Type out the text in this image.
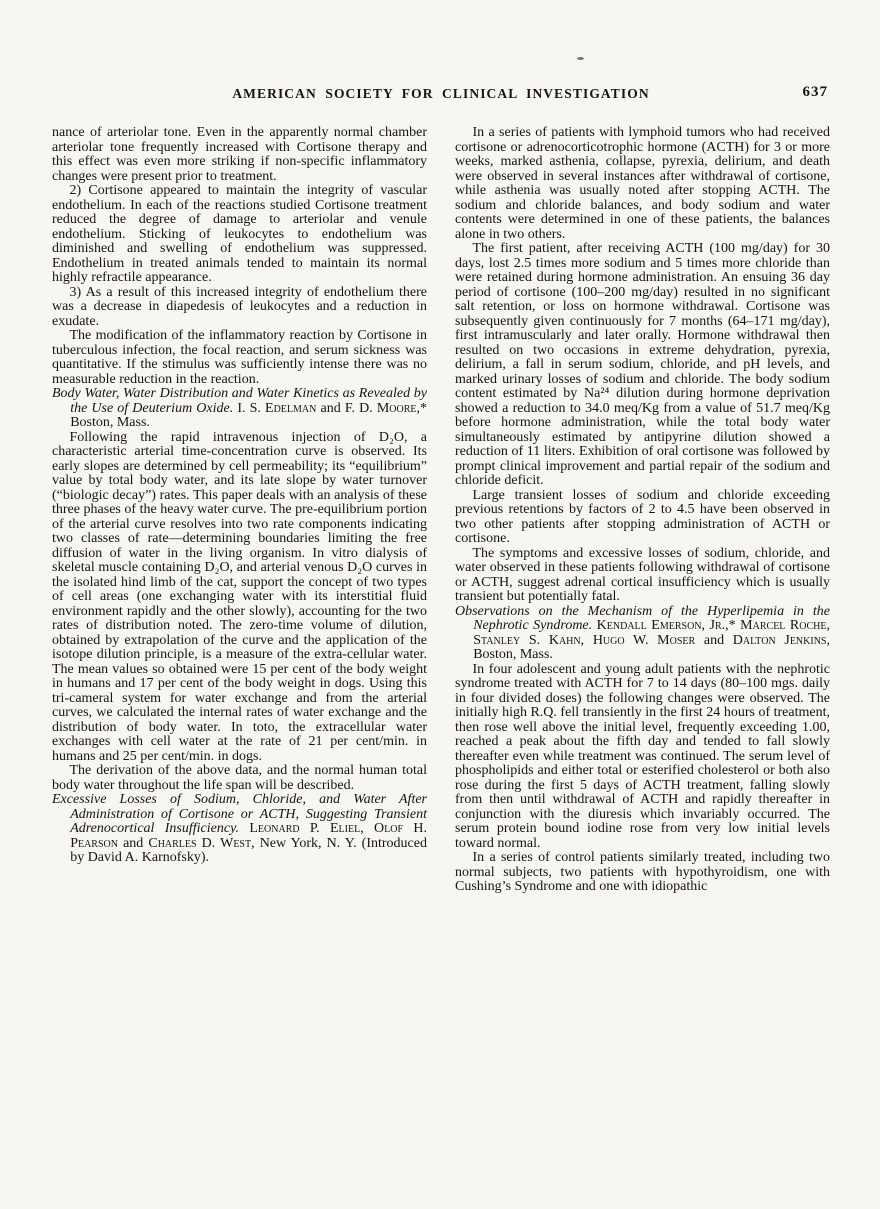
AMERICAN SOCIETY FOR CLINICAL INVESTIGATION	637

nance of arteriolar tone. Even in the apparently normal chamber arteriolar tone frequently increased with Cortisone therapy and this effect was even more striking if non-specific inflammatory changes were present prior to treatment.

2) Cortisone appeared to maintain the integrity of vascular endothelium. In each of the reactions studied Cortisone treatment reduced the degree of damage to arteriolar and venule endothelium. Sticking of leukocytes to endothelium was diminished and swelling of endothelium was suppressed. Endothelium in treated animals tended to maintain its normal highly refractile appearance.

3) As a result of this increased integrity of endothelium there was a decrease in diapedesis of leukocytes and a reduction in exudate.

The modification of the inflammatory reaction by Cortisone in tuberculous infection, the focal reaction, and serum sickness was quantitative. If the stimulus was sufficiently intense there was no measurable reduction in the reaction.

Body Water, Water Distribution and Water Kinetics as Revealed by the Use of Deuterium Oxide. I. S. Edelman and F. D. Moore,* Boston, Mass.

Following the rapid intravenous injection of D₂O, a characteristic arterial time-concentration curve is observed. Its early slopes are determined by cell permeability; its “equilibrium” value by total body water, and its late slope by water turnover (“biologic decay”) rates. This paper deals with an analysis of these three phases of the heavy water curve. The pre-equilibrium portion of the arterial curve resolves into two rate components indicating two classes of rate—determining boundaries limiting the free diffusion of water in the living organism. In vitro dialysis of skeletal muscle containing D₂O, and arterial venous D₂O curves in the isolated hind limb of the cat, support the concept of two types of cell areas (one exchanging water with its interstitial fluid environment rapidly and the other slowly), accounting for the two rates of distribution noted. The zero-time volume of dilution, obtained by extrapolation of the curve and the application of the isotope dilution principle, is a measure of the extra-cellular water. The mean values so obtained were 15 per cent of the body weight in humans and 17 per cent of the body weight in dogs. Using this tri-cameral system for water exchange and from the arterial curves, we calculated the internal rates of water exchange and the distribution of body water. In toto, the extracellular water exchanges with cell water at the rate of 21 per cent/min. in humans and 25 per cent/min. in dogs.

The derivation of the above data, and the normal human total body water throughout the life span will be described.

Excessive Losses of Sodium, Chloride, and Water After Administration of Cortisone or ACTH, Suggesting Transient Adrenocortical Insufficiency. Leonard P. Eliel, Olof H. Pearson and Charles D. West, New York, N. Y. (Introduced by David A. Karnofsky).

In a series of patients with lymphoid tumors who had received cortisone or adrenocorticotrophic hormone (ACTH) for 3 or more weeks, marked asthenia, collapse, pyrexia, delirium, and death were observed in several instances after withdrawal of cortisone, while asthenia was usually noted after stopping ACTH. The sodium and chloride balances, and body sodium and water contents were determined in one of these patients, the balances alone in two others.

The first patient, after receiving ACTH (100 mg/day) for 30 days, lost 2.5 times more sodium and 5 times more chloride than were retained during hormone administration. An ensuing 36 day period of cortisone (100–200 mg/day) resulted in no significant salt retention, or loss on hormone withdrawal. Cortisone was subsequently given continuously for 7 months (64–171 mg/day), first intramuscularly and later orally. Hormone withdrawal then resulted on two occasions in extreme dehydration, pyrexia, delirium, a fall in serum sodium, chloride, and pH levels, and marked urinary losses of sodium and chloride. The body sodium content estimated by Na²⁴ dilution during hormone deprivation showed a reduction to 34.0 meq/Kg from a value of 51.7 meq/Kg before hormone administration, while the total body water simultaneously estimated by antipyrine dilution showed a reduction of 11 liters. Exhibition of oral cortisone was followed by prompt clinical improvement and partial repair of the sodium and chloride deficit.

Large transient losses of sodium and chloride exceeding previous retentions by factors of 2 to 4.5 have been observed in two other patients after stopping administration of ACTH or cortisone.

The symptoms and excessive losses of sodium, chloride, and water observed in these patients following withdrawal of cortisone or ACTH, suggest adrenal cortical insufficiency which is usually transient but potentially fatal.

Observations on the Mechanism of the Hyperlipemia in the Nephrotic Syndrome. Kendall Emerson, Jr.,* Marcel Roche, Stanley S. Kahn, Hugo W. Moser and Dalton Jenkins, Boston, Mass.

In four adolescent and young adult patients with the nephrotic syndrome treated with ACTH for 7 to 14 days (80–100 mgs. daily in four divided doses) the following changes were observed. The initially high R.Q. fell transiently in the first 24 hours of treatment, then rose well above the initial level, frequently exceeding 1.00, reached a peak about the fifth day and tended to fall slowly thereafter even while treatment was continued. The serum level of phospholipids and either total or esterified cholesterol or both also rose during the first 5 days of ACTH treatment, falling slowly from then until withdrawal of ACTH and rapidly thereafter in conjunction with the diuresis which invariably occurred. The serum protein bound iodine rose from very low initial levels toward normal.

In a series of control patients similarly treated, including two normal subjects, two patients with hypothyroidism, one with Cushing’s Syndrome and one with idiopathic
